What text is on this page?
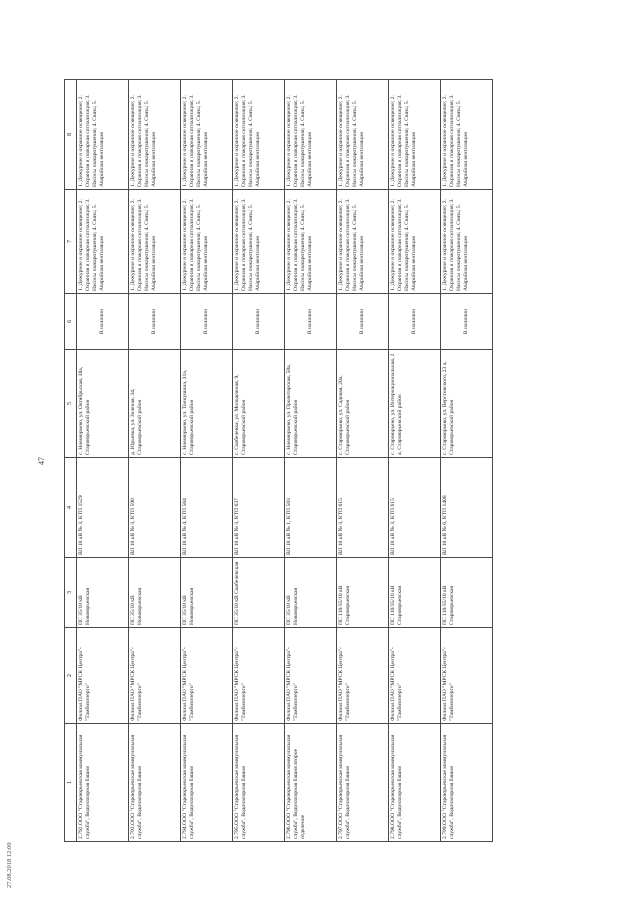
47
1	2	3	4	5	6	7	8
2.792.ООО "Староюрьевская коммунальная служба", Водонапорная башня	Филиал ПАО "МРСК Центра"-"Тамбовэнерго"	ПС 35/10 кВ Новоюрьевская	ВЛ 10 кВ № 3, КТП 1529	с. Новоюрьево, ул. Октябрьская, 38а, Староюрьевский район	В наличии	1. Дежурное и охранное освещение; 2. Охранная и пожарная сигнализация; 3. Насосы пожаротушения; 4. Связь; 5. Аварийная вентиляция	1. Дежурное и охранное освещение; 2. Охранная и пожарная сигнализация; 3. Насосы пожаротушения; 4. Связь; 5. Аварийная вентиляция
2.793.ООО "Староюрьевская коммунальная служба", Водонапорная башня	Филиал ПАО "МРСК Центра"-"Тамбовэнерго"	ПС 35/10 кВ Новоюрьевская	ВЛ 10 кВ № 3, КТП 590	д. Юрьевка, ул. Зеленая, 34, Староюрьевский район	В наличии	1. Дежурное и охранное освещение; 2. Охранная и пожарная сигнализация; 3. Насосы пожаротушения; 4. Связь; 5. Аварийная вентиляция	1. Дежурное и охранное освещение; 2. Охранная и пожарная сигнализация; 3. Насосы пожаротушения; 4. Связь; 5. Аварийная вентиляция
2.794.ООО "Староюрьевская коммунальная служба", Водонапорная башня	Филиал ПАО "МРСК Центра"-"Тамбовэнерго"	ПС 35/10 кВ Новоюрьевская	ВЛ 10 кВ № 4, КТП 584	с. Новоюрьево, ул. Тонкушина, 31а, Староюрьевский район	В наличии	1. Дежурное и охранное освещение; 2. Охранная и пожарная сигнализация; 3. Насосы пожаротушения; 4. Связь; 5. Аварийная вентиляция	1. Дежурное и охранное освещение; 2. Охранная и пожарная сигнализация; 3. Насосы пожаротушения; 4. Связь; 5. Аварийная вентиляция
2.795.ООО "Староюрьевская коммунальная служба", Водонапорная башня	Филиал ПАО "МРСК Центра"-"Тамбовэнерго"	ПС 35/10 кВ Скобелевская	ВЛ 10 кВ № 3, КТП 637	с. Скобелевка, ул. Молодежная, 9, Староюрьевский район	В наличии	1. Дежурное и охранное освещение; 2. Охранная и пожарная сигнализация; 3. Насосы пожаротушения; 4. Связь; 5. Аварийная вентиляция	1. Дежурное и охранное освещение; 2. Охранная и пожарная сигнализация; 3. Насосы пожаротушения; 4. Связь; 5. Аварийная вентиляция
2.796.ООО "Староюрьевская коммунальная служба", Водонапорная башня второе отделение	Филиал ПАО "МРСК Центра"-"Тамбовэнерго"	ПС 35/10 кВ Новоюрьевская	ВЛ 10 кВ № 1, КТП 583	с. Новоюрьево, ул. Пролетарская, 58а, Староюрьевский район	В наличии	1. Дежурное и охранное освещение; 2. Охранная и пожарная сигнализация; 3. Насосы пожаротушения; 4. Связь; 5. Аварийная вентиляция	1. Дежурное и охранное освещение; 2. Охранная и пожарная сигнализация; 3. Насосы пожаротушения; 4. Связь; 5. Аварийная вентиляция
2.797.ООО "Староюрьевская коммунальная служба", Водонапорная башня	Филиал ПАО "МРСК Центра"-"Тамбовэнерго"	ПС 110/35/10 кВ Староюрьевская	ВЛ 10 кВ № 3, КТП 615	с. Староюрьево, ул. Садовая, 20а, Староюрьевский район	В наличии	1. Дежурное и охранное освещение; 2. Охранная и пожарная сигнализация; 3. Насосы пожаротушения; 4. Связь; 5. Аварийная вентиляция	1. Дежурное и охранное освещение; 2. Охранная и пожарная сигнализация; 3. Насосы пожаротушения; 4. Связь; 5. Аварийная вентиляция
2.798.ООО "Староюрьевская коммунальная служба", Водонапорная башня	Филиал ПАО "МРСК Центра"-"Тамбовэнерго"	ПС 110/35/10 кВ Староюрьевская	ВЛ 10 кВ № 3, КТП 615	с. Староюрьево, ул. Интернациональная, 2 а, Староюрьевский район	В наличии	1. Дежурное и охранное освещение; 2. Охранная и пожарная сигнализация; 3. Насосы пожаротушения; 4. Связь; 5. Аварийная вентиляция	1. Дежурное и охранное освещение; 2. Охранная и пожарная сигнализация; 3. Насосы пожаротушения; 4. Связь; 5. Аварийная вентиляция
2.799.ООО "Староюрьевская коммунальная служба", Водонапорная башня	Филиал ПАО "МРСК Центра"-"Тамбовэнерго"	ПС 110/35/10 кВ Староюрьевская	ВЛ 10 кВ № 6, КТП 1408	с. Староюрьево, ул. Верстовского, 23 а, Староюрьевский район	В наличии	1. Дежурное и охранное освещение; 2. Охранная и пожарная сигнализация; 3. Насосы пожаротушения; 4. Связь; 5. Аварийная вентиляция	1. Дежурное и охранное освещение; 2. Охранная и пожарная сигнализация; 3. Насосы пожаротушения; 4. Связь; 5. Аварийная вентиляция
27.08.2018 12:00
